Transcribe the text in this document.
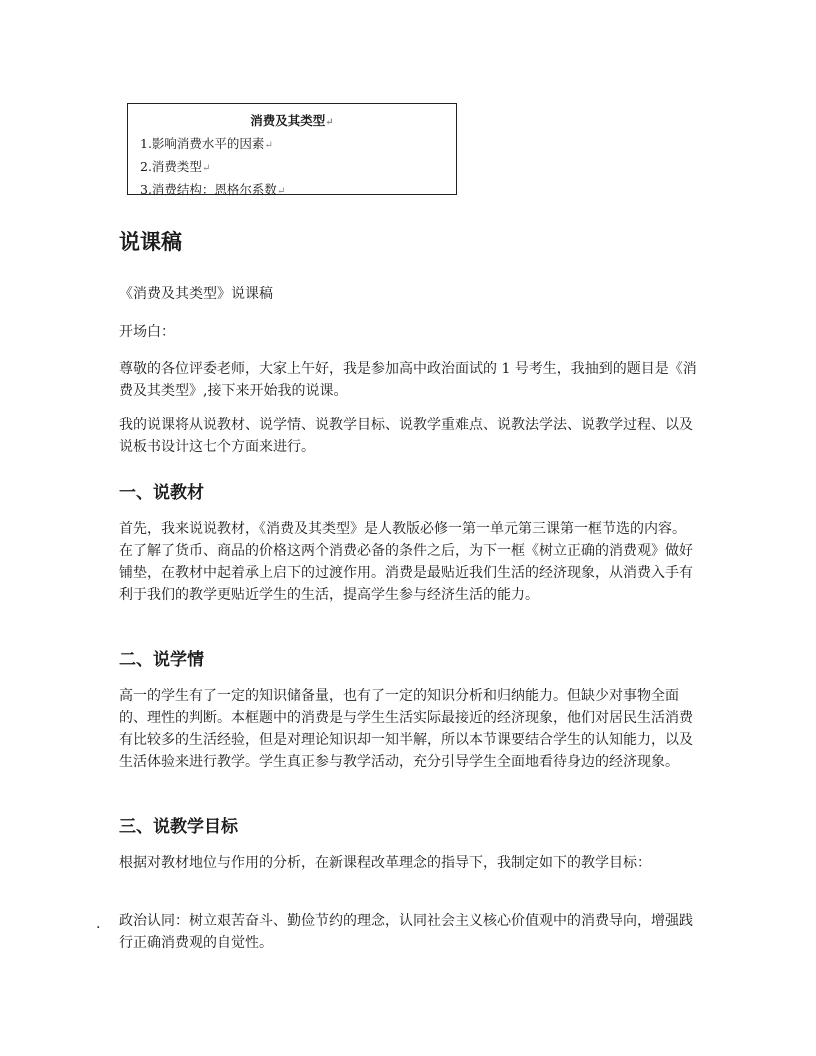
消费及其类型↵
1.影响消费水平的因素↵
2.消费类型↵
3.消费结构：恩格尔系数↵
说课稿

《消费及其类型》说课稿

开场白：

尊敬的各位评委老师，大家上午好，我是参加高中政治面试的 1 号考生，我抽到的题目是《消费及其类型》,接下来开始我的说课。

我的说课将从说教材、说学情、说教学目标、说教学重难点、说教法学法、说教学过程、以及说板书设计这七个方面来进行。

一、说教材

首先，我来说说教材，《消费及其类型》是人教版必修一第一单元第三课第一框节选的内容。在了解了货币、商品的价格这两个消费必备的条件之后，为下一框《树立正确的消费观》做好铺垫，在教材中起着承上启下的过渡作用。消费是最贴近我们生活的经济现象，从消费入手有利于我们的教学更贴近学生的生活，提高学生参与经济生活的能力。

二、说学情

高一的学生有了一定的知识储备量，也有了一定的知识分析和归纳能力。但缺少对事物全面的、理性的判断。本框题中的消费是与学生生活实际最接近的经济现象，他们对居民生活消费有比较多的生活经验，但是对理论知识却一知半解，所以本节课要结合学生的认知能力，以及生活体验来进行教学。学生真正参与教学活动，充分引导学生全面地看待身边的经济现象。

三、说教学目标

根据对教材地位与作用的分析，在新课程改革理念的指导下，我制定如下的教学目标：

. 政治认同：树立艰苦奋斗、勤俭节约的理念，认同社会主义核心价值观中的消费导向，增强践行正确消费观的自觉性。
